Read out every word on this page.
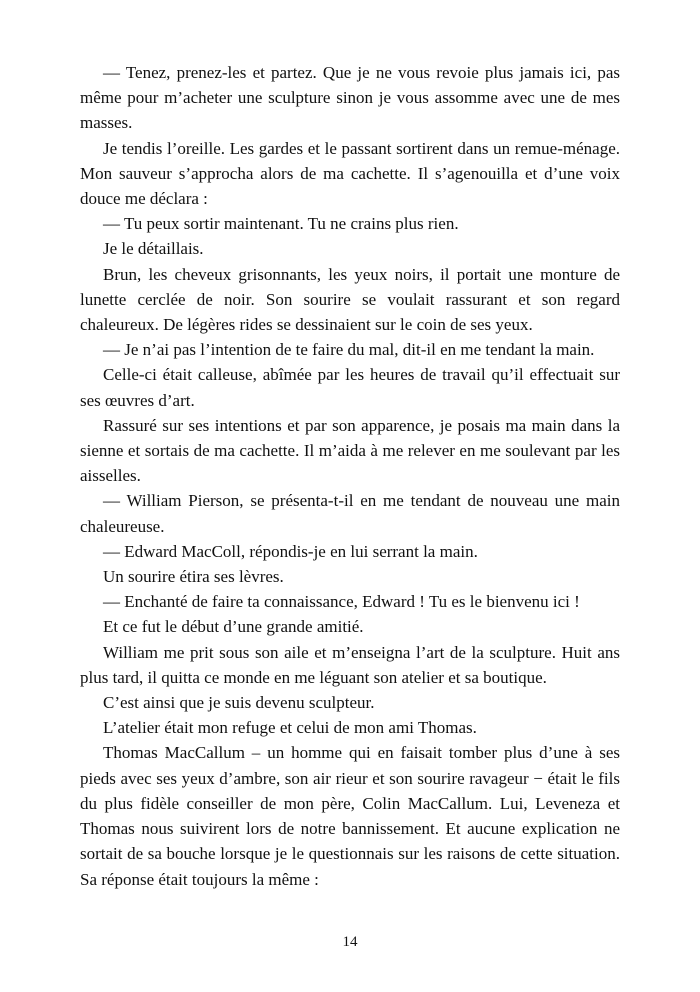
— Tenez, prenez-les et partez. Que je ne vous revoie plus jamais ici, pas même pour m’acheter une sculpture sinon je vous assomme avec une de mes masses.

Je tendis l’oreille. Les gardes et le passant sortirent dans un remue-ménage. Mon sauveur s’approcha alors de ma cachette. Il s’agenouilla et d’une voix douce me déclara :

— Tu peux sortir maintenant. Tu ne crains plus rien.

Je le détaillais.

Brun, les cheveux grisonnants, les yeux noirs, il portait une monture de lunette cerclée de noir. Son sourire se voulait rassurant et son regard chaleureux. De légères rides se dessinaient sur le coin de ses yeux.

— Je n’ai pas l’intention de te faire du mal, dit-il en me tendant la main.

Celle-ci était calleuse, abîmée par les heures de travail qu’il effectuait sur ses œuvres d’art.

Rassuré sur ses intentions et par son apparence, je posais ma main dans la sienne et sortais de ma cachette. Il m’aida à me relever en me soulevant par les aisselles.

— William Pierson, se présenta-t-il en me tendant de nouveau une main chaleureuse.

— Edward MacColl, répondis-je en lui serrant la main.

Un sourire étira ses lèvres.

— Enchanté de faire ta connaissance, Edward ! Tu es le bienvenu ici !

Et ce fut le début d’une grande amitié.

William me prit sous son aile et m’enseigna l’art de la sculpture. Huit ans plus tard, il quitta ce monde en me léguant son atelier et sa boutique.

C’est ainsi que je suis devenu sculpteur.

L’atelier était mon refuge et celui de mon ami Thomas.

Thomas MacCallum – un homme qui en faisait tomber plus d’une à ses pieds avec ses yeux d’ambre, son air rieur et son sourire ravageur − était le fils du plus fidèle conseiller de mon père, Colin MacCallum. Lui, Leveneza et Thomas nous suivirent lors de notre bannissement. Et aucune explication ne sortait de sa bouche lorsque je le questionnais sur les raisons de cette situation. Sa réponse était toujours la même :

14
